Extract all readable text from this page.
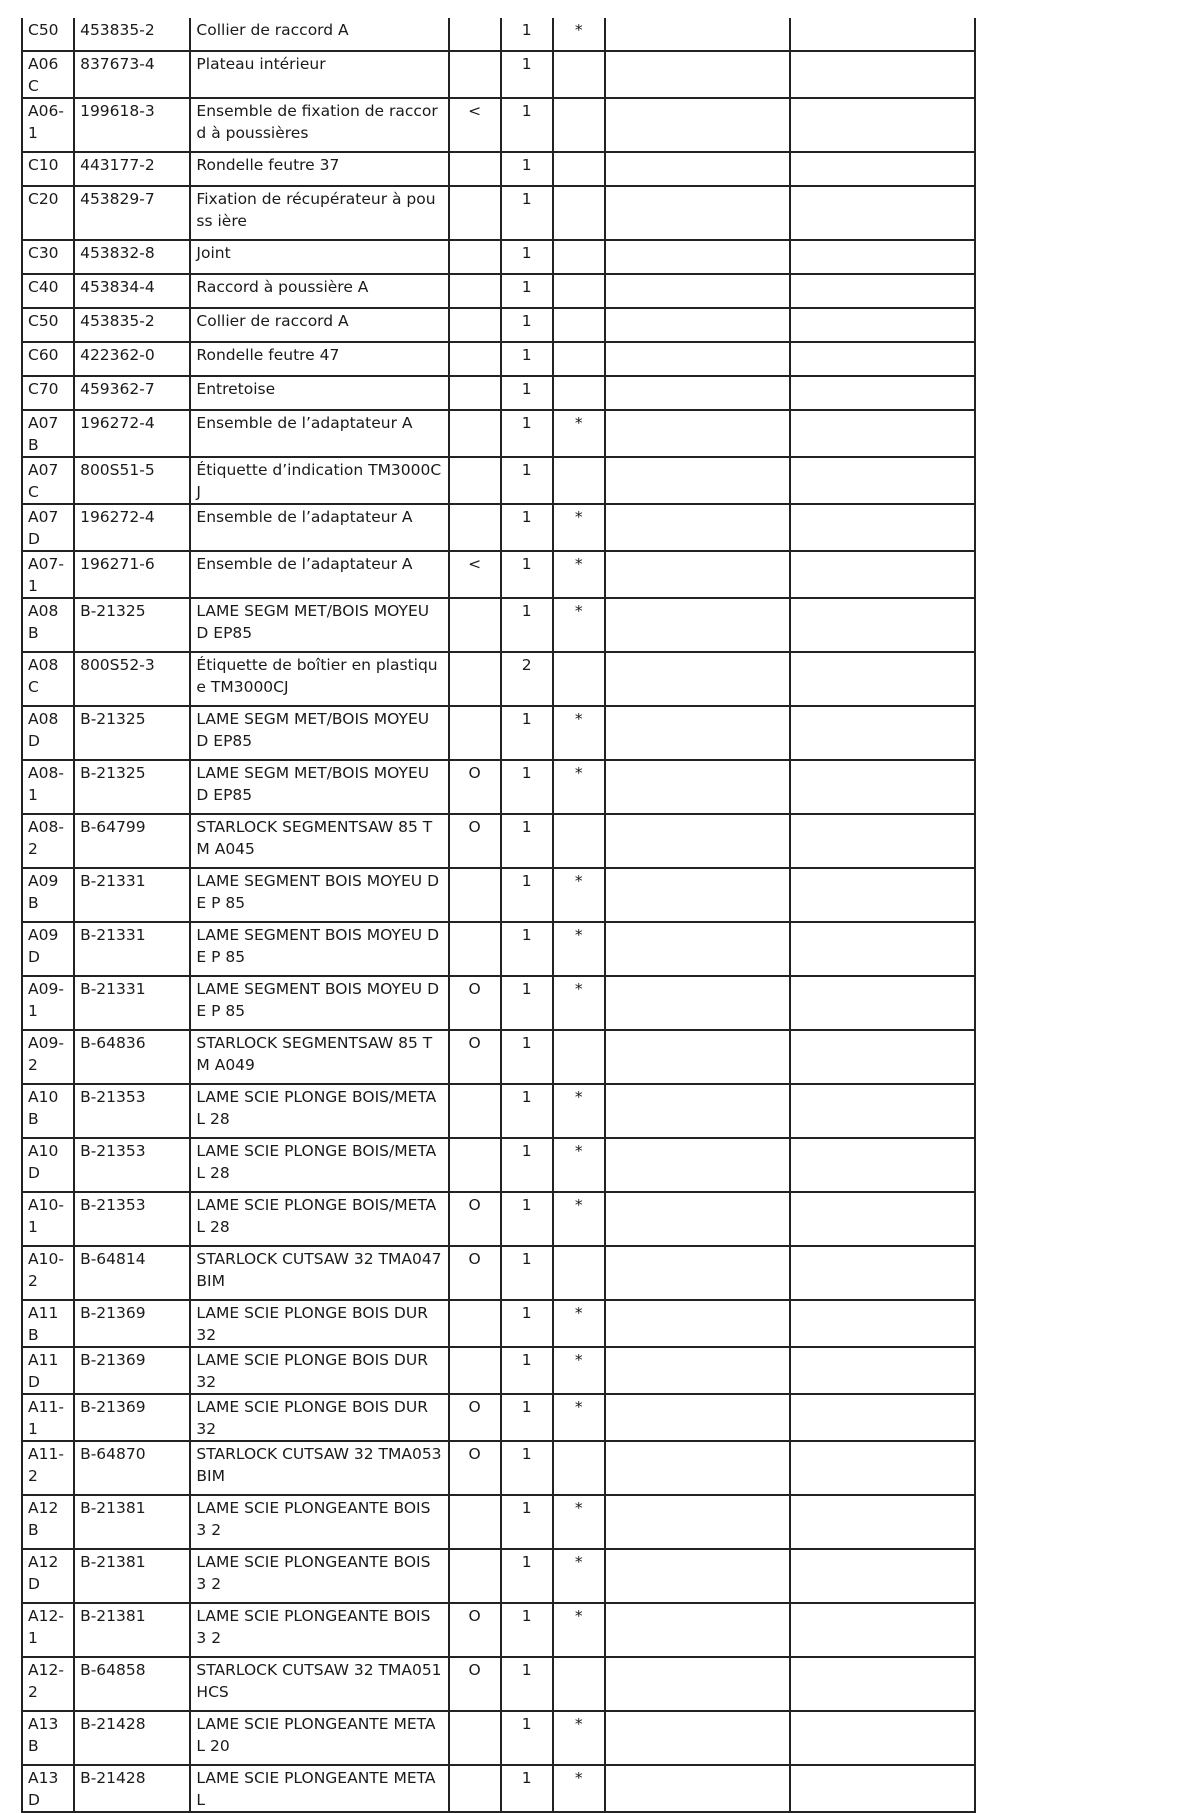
C50	453835-2	Collier de raccord A		1	*		
A06C	837673-4	Plateau intérieur		1			
A06-1	199618-3	Ensemble de fixation de raccord à poussières	<	1			
C10	443177-2	Rondelle feutre 37		1			
C20	453829-7	Fixation de récupérateur à pouss ière		1			
C30	453832-8	Joint		1			
C40	453834-4	Raccord à poussière A		1			
C50	453835-2	Collier de raccord A		1			
C60	422362-0	Rondelle feutre 47		1			
C70	459362-7	Entretoise		1			
A07B	196272-4	Ensemble de l’adaptateur A		1	*		
A07C	800S51-5	Étiquette d’indication TM3000CJ		1			
A07D	196272-4	Ensemble de l’adaptateur A		1	*		
A07-1	196271-6	Ensemble de l’adaptateur A	<	1	*		
A08B	B-21325	LAME SEGM MET/BOIS MOYEU D EP85		1	*		
A08C	800S52-3	Étiquette de boîtier en plastique TM3000CJ		2			
A08D	B-21325	LAME SEGM MET/BOIS MOYEU D EP85		1	*		
A08-1	B-21325	LAME SEGM MET/BOIS MOYEU D EP85	O	1	*		
A08-2	B-64799	STARLOCK SEGMENTSAW 85 TM A045	O	1			
A09B	B-21331	LAME SEGMENT BOIS MOYEU DE P 85		1	*		
A09D	B-21331	LAME SEGMENT BOIS MOYEU DE P 85		1	*		
A09-1	B-21331	LAME SEGMENT BOIS MOYEU DE P 85	O	1	*		
A09-2	B-64836	STARLOCK SEGMENTSAW 85 TM A049	O	1			
A10B	B-21353	LAME SCIE PLONGE BOIS/METAL 28		1	*		
A10D	B-21353	LAME SCIE PLONGE BOIS/METAL 28		1	*		
A10-1	B-21353	LAME SCIE PLONGE BOIS/METAL 28	O	1	*		
A10-2	B-64814	STARLOCK CUTSAW 32 TMA047 BIM	O	1			
A11B	B-21369	LAME SCIE PLONGE BOIS DUR 32		1	*		
A11D	B-21369	LAME SCIE PLONGE BOIS DUR 32		1	*		
A11-1	B-21369	LAME SCIE PLONGE BOIS DUR 32	O	1	*		
A11-2	B-64870	STARLOCK CUTSAW 32 TMA053 BIM	O	1			
A12B	B-21381	LAME SCIE PLONGEANTE BOIS 3 2		1	*		
A12D	B-21381	LAME SCIE PLONGEANTE BOIS 3 2		1	*		
A12-1	B-21381	LAME SCIE PLONGEANTE BOIS 3 2	O	1	*		
A12-2	B-64858	STARLOCK CUTSAW 32 TMA051 HCS	O	1			
A13B	B-21428	LAME SCIE PLONGEANTE METAL 20		1	*		
A13D	B-21428	LAME SCIE PLONGEANTE METAL		1	*		
